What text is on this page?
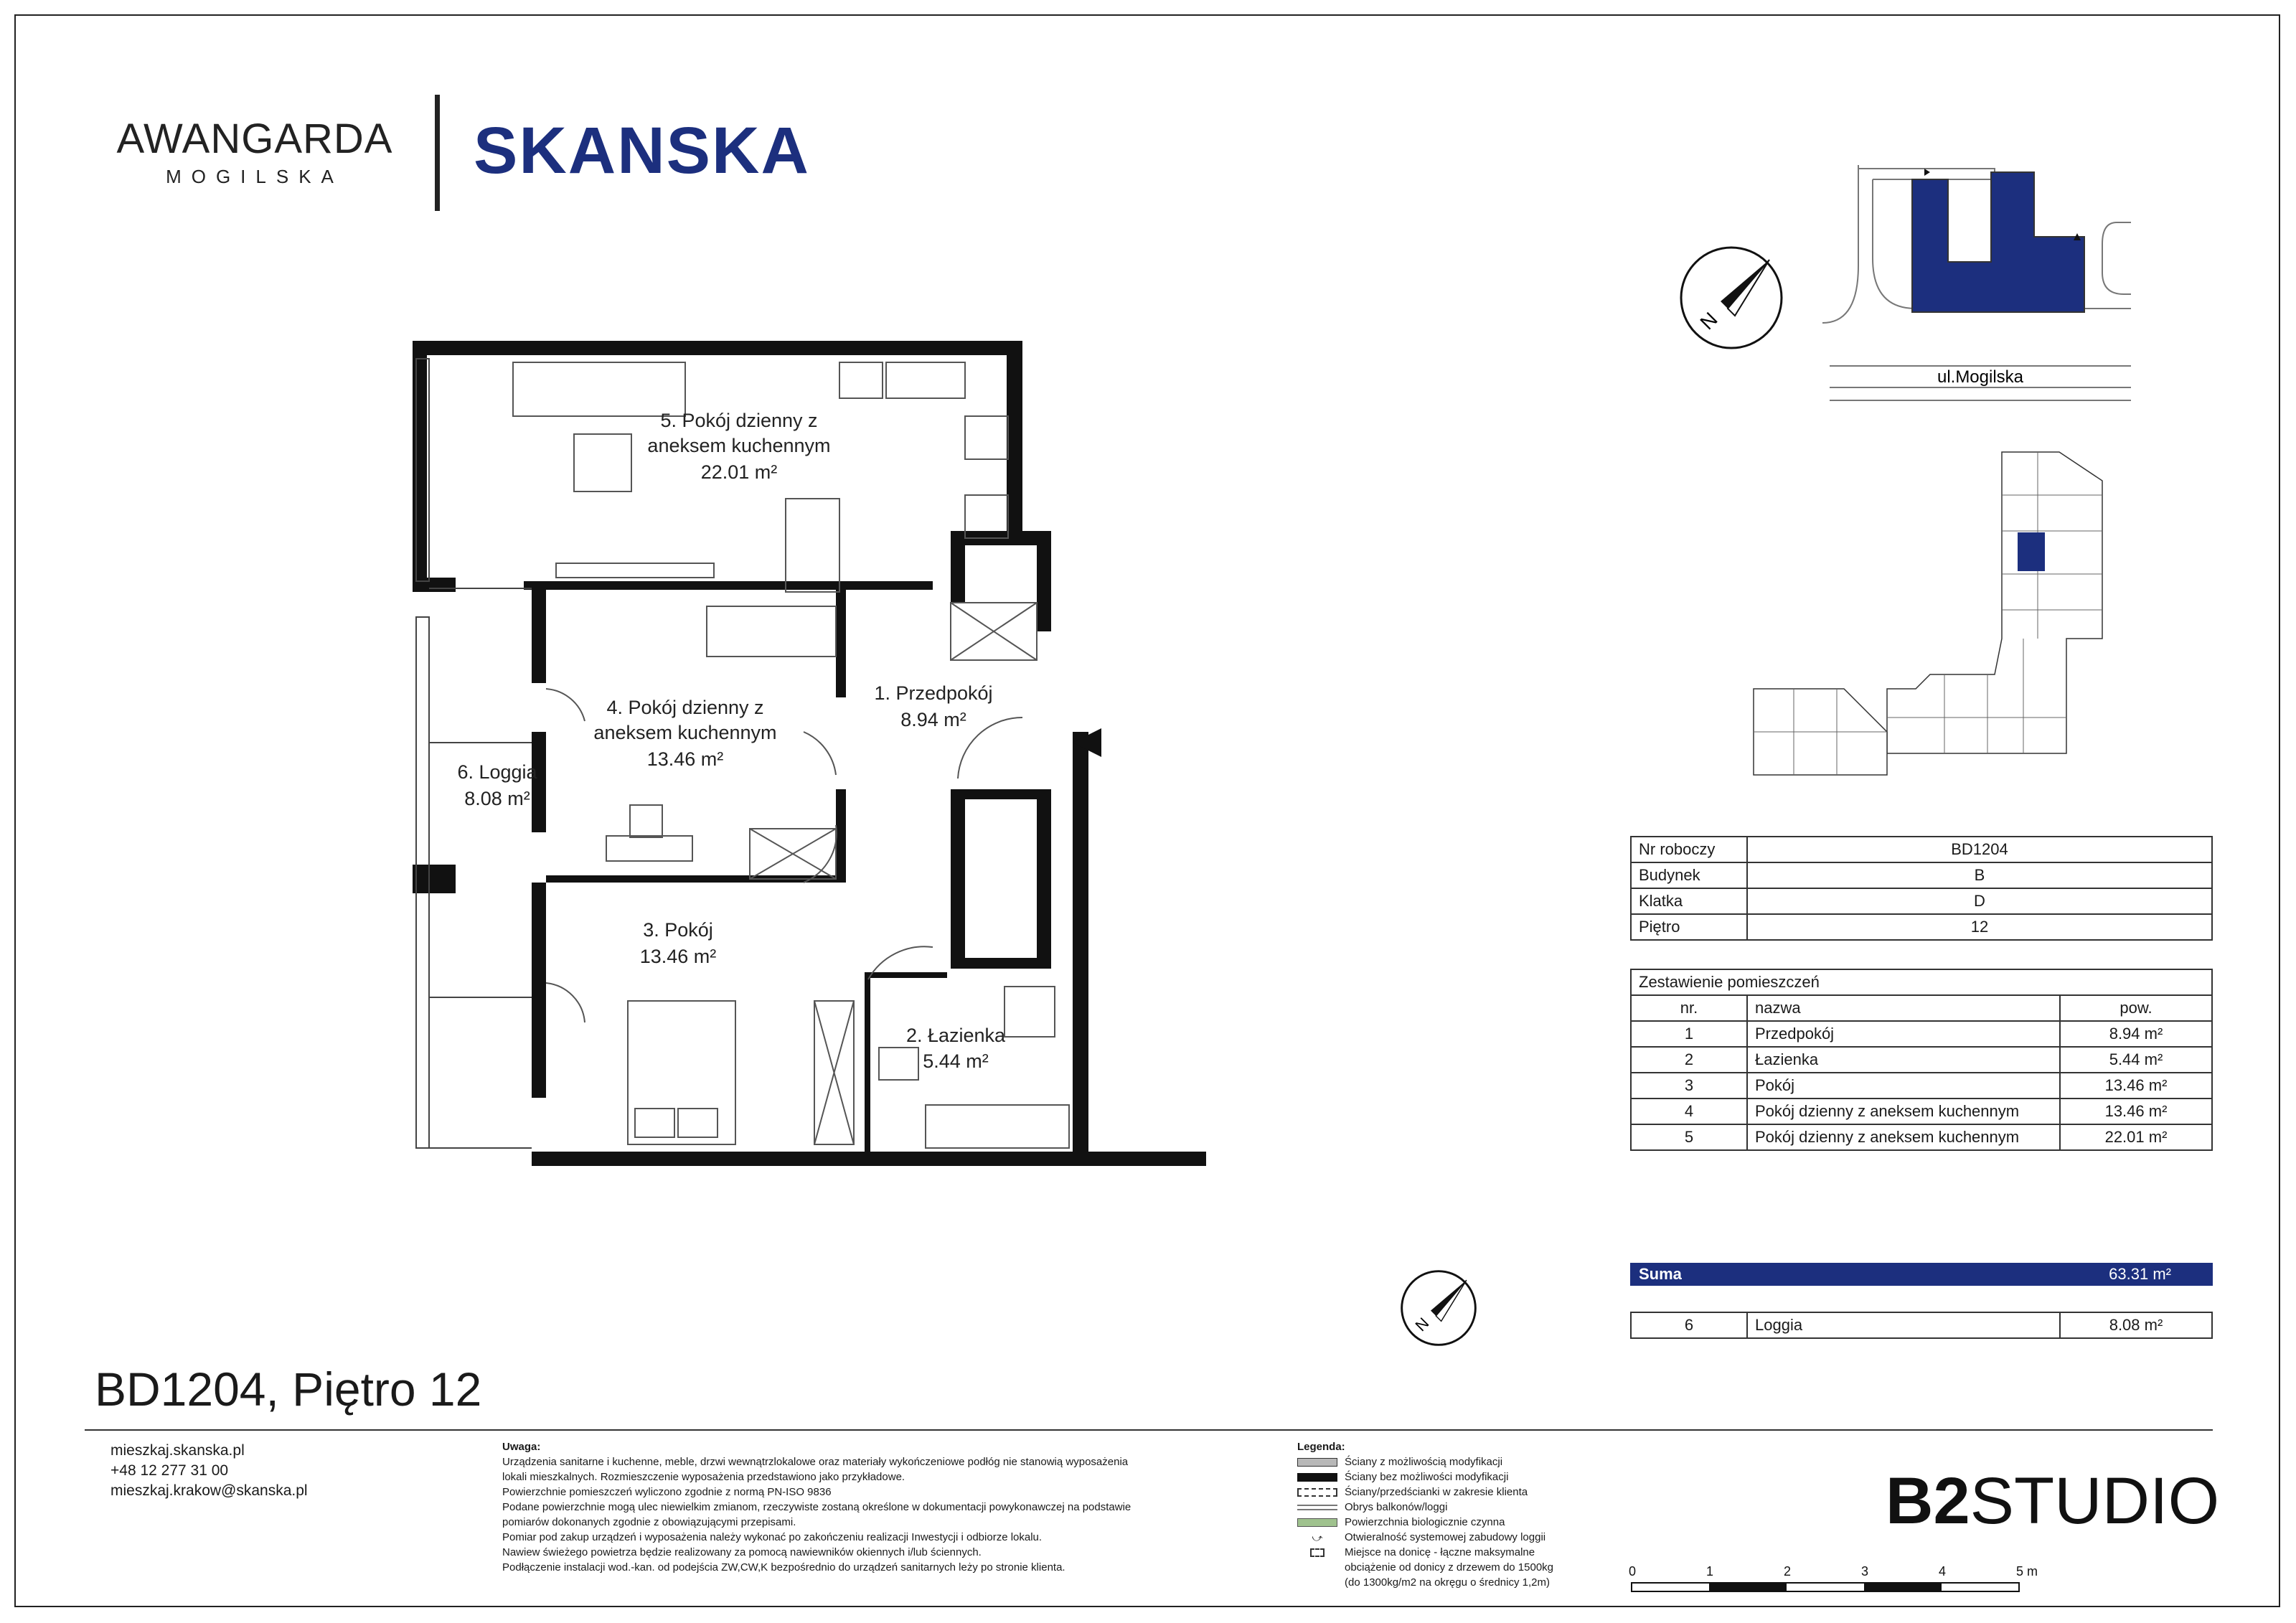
AWANGARDA
MOGILSKA	SKANSKA
5. Pokój dzienny z
aneksem kuchennym
22.01 m²
4. Pokój dzienny z
aneksem kuchennym
13.46 m²
1. Przedpokój
8.94 m²
3. Pokój
13.46 m²
2. Łazienka
5.44 m²
6. Loggia
8.08 m²
N
ul.Mogilska
Nr roboczy	BD1204
Budynek	B
Klatka	D
Piętro	12
Zestawienie pomieszczeń		
nr.	nazwa	pow.
1	Przedpokój	8.94 m²
2	Łazienka	5.44 m²
3	Pokój	13.46 m²
4	Pokój dzienny z aneksem kuchennym	13.46 m²
5	Pokój dzienny z aneksem kuchennym	22.01 m²
N
Suma	63.31 m²
6	Loggia	8.08 m²
BD1204, Piętro 12
mieszkaj.skanska.pl
+48 12 277 31 00
mieszkaj.krakow@skanska.pl
Uwaga:
Urządzenia sanitarne i kuchenne, meble, drzwi wewnątrzlokalowe oraz materiały wykończeniowe podłóg nie stanowią wyposażenia
lokali mieszkalnych. Rozmieszczenie wyposażenia przedstawiono jako przykładowe.
Powierzchnie pomieszczeń wyliczono zgodnie z normą PN-ISO 9836
Podane powierzchnie mogą ulec niewielkim zmianom, rzeczywiste zostaną określone w dokumentacji powykonawczej na podstawie
pomiarów dokonanych zgodnie z obowiązującymi przepisami.
Pomiar pod zakup urządzeń i wyposażenia należy wykonać po zakończeniu realizacji Inwestycji i odbiorze lokalu.
Nawiew świeżego powietrza będzie realizowany za pomocą nawiewników okiennych i/lub ściennych.
Podłączenie instalacji wod.-kan. od podejścia ZW,CW,K bezpośrednio do urządzeń sanitarnych leży po stronie klienta.
Legenda:
Ściany z możliwością modyfikacji
Ściany bez możliwości modyfikacji
Ściany/przedścianki w zakresie klienta
Obrys balkonów/loggi
Powierzchnia biologicznie czynna
⤻	Otwieralność systemowej zabudowy loggii
Miejsce na donicę - łączne maksymalne
obciążenie od donicy z drzewem do 1500kg
(do 1300kg/m2 na okręgu o średnicy 1,2m)
B2STUDIO
0	1	2	3	4	5 m
